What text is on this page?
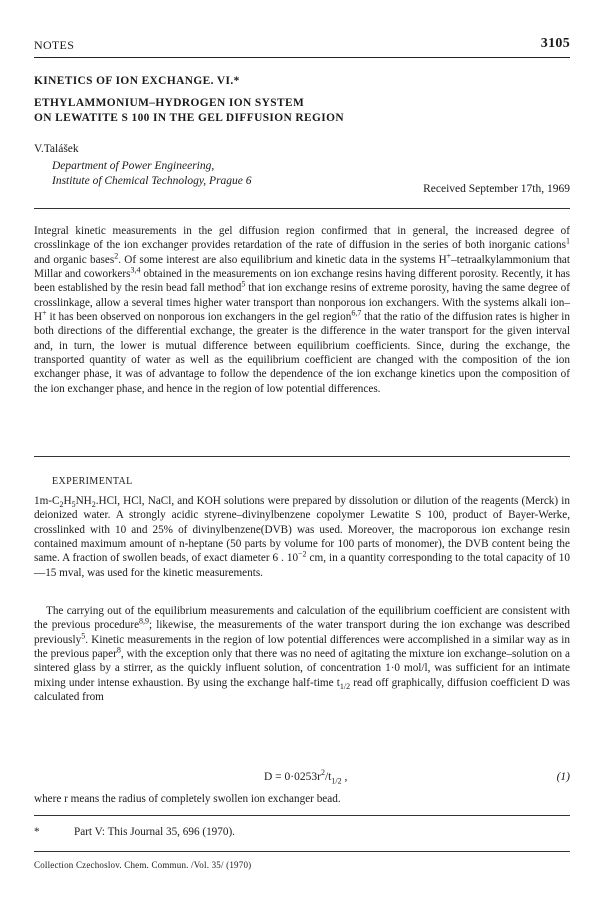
NOTES	3105
KINETICS OF ION EXCHANGE. VI.*
ETHYLAMMONIUM–HYDROGEN ION SYSTEM
ON LEWATITE S 100 IN THE GEL DIFFUSION REGION
V.Talášek
Department of Power Engineering,
Institute of Chemical Technology, Prague 6
Received September 17th, 1969

Integral kinetic measurements in the gel diffusion region confirmed that in general, the increased degree of crosslinkage of the ion exchanger provides retardation of the rate of diffusion in the series of both inorganic cations$^1$ and organic bases$^2$. Of some interest are also equilibrium and kinetic data in the systems H+–tetraalkylammonium that Millar and coworkers$^{3,4}$ obtained in the measurements on ion exchange resins having different porosity. Recently, it has been established by the resin bead fall method$^5$ that ion exchange resins of extreme porosity, having the same degree of crosslinkage, allow a several times higher water transport than nonporous ion exchangers. With the systems alkali ion–H+ it has been observed on nonporous ion exchangers in the gel region$^{6,7}$ that the ratio of the diffusion rates is higher in both directions of the differential exchange, the greater is the difference in the water transport for the given interval and, in turn, the lower is mutual difference between equilibrium coefficients. Since, during the exchange, the transported quantity of water as well as the equilibrium coefficient are changed with the composition of the ion exchanger phase, it was of advantage to follow the dependence of the ion exchange kinetics upon the composition of the ion exchanger phase, and hence in the region of low potential differences.

EXPERIMENTAL

$1m-C_2H_5NH_2.HCl$, HCl, NaCl, and KOH solutions were prepared by dissolution or dilution of the reagents (Merck) in deionized water. A strongly acidic styrene–divinylbenzene copolymer Lewatite S 100, product of Bayer-Werke, crosslinked with 10 and 25% of divinylbenzene(DVB) was used. Moreover, the macroporous ion exchange resin contained maximum amount of n-heptane (50 parts by volume for 100 parts of monomer), the DVB content being the same. A fraction of swollen beads, of exact diameter 6 . $10^{-2}$ cm, in a quantity corresponding to the total capacity of 10—15 mval, was used for the kinetic measurements.

The carrying out of the equilibrium measurements and calculation of the equilibrium coefficient are consistent with the previous procedure$^{8,9}$; likewise, the measurements of the water transport during the ion exchange was described previously$^5$. Kinetic measurements in the region of low potential differences were accomplished in a similar way as in the previous paper$^8$, with the exception only that there was no need of agitating the mixture ion exchange–solution on a sintered glass by a stirrer, as the quickly influent solution, of concentration 1·0 mol/l, was sufficient for an intimate mixing under intense exhaustion. By using the exchange half-time $t_{1/2}$ read off graphically, diffusion coefficient D was calculated from

$D = 0\cdot 0253r^2/t_{1/2}$ ,	(1)
where r means the radius of completely swollen ion exchanger bead.
*	Part V: This Journal 35, 696 (1970).
Collection Czechoslov. Chem. Commun. /Vol. 35/ (1970)
